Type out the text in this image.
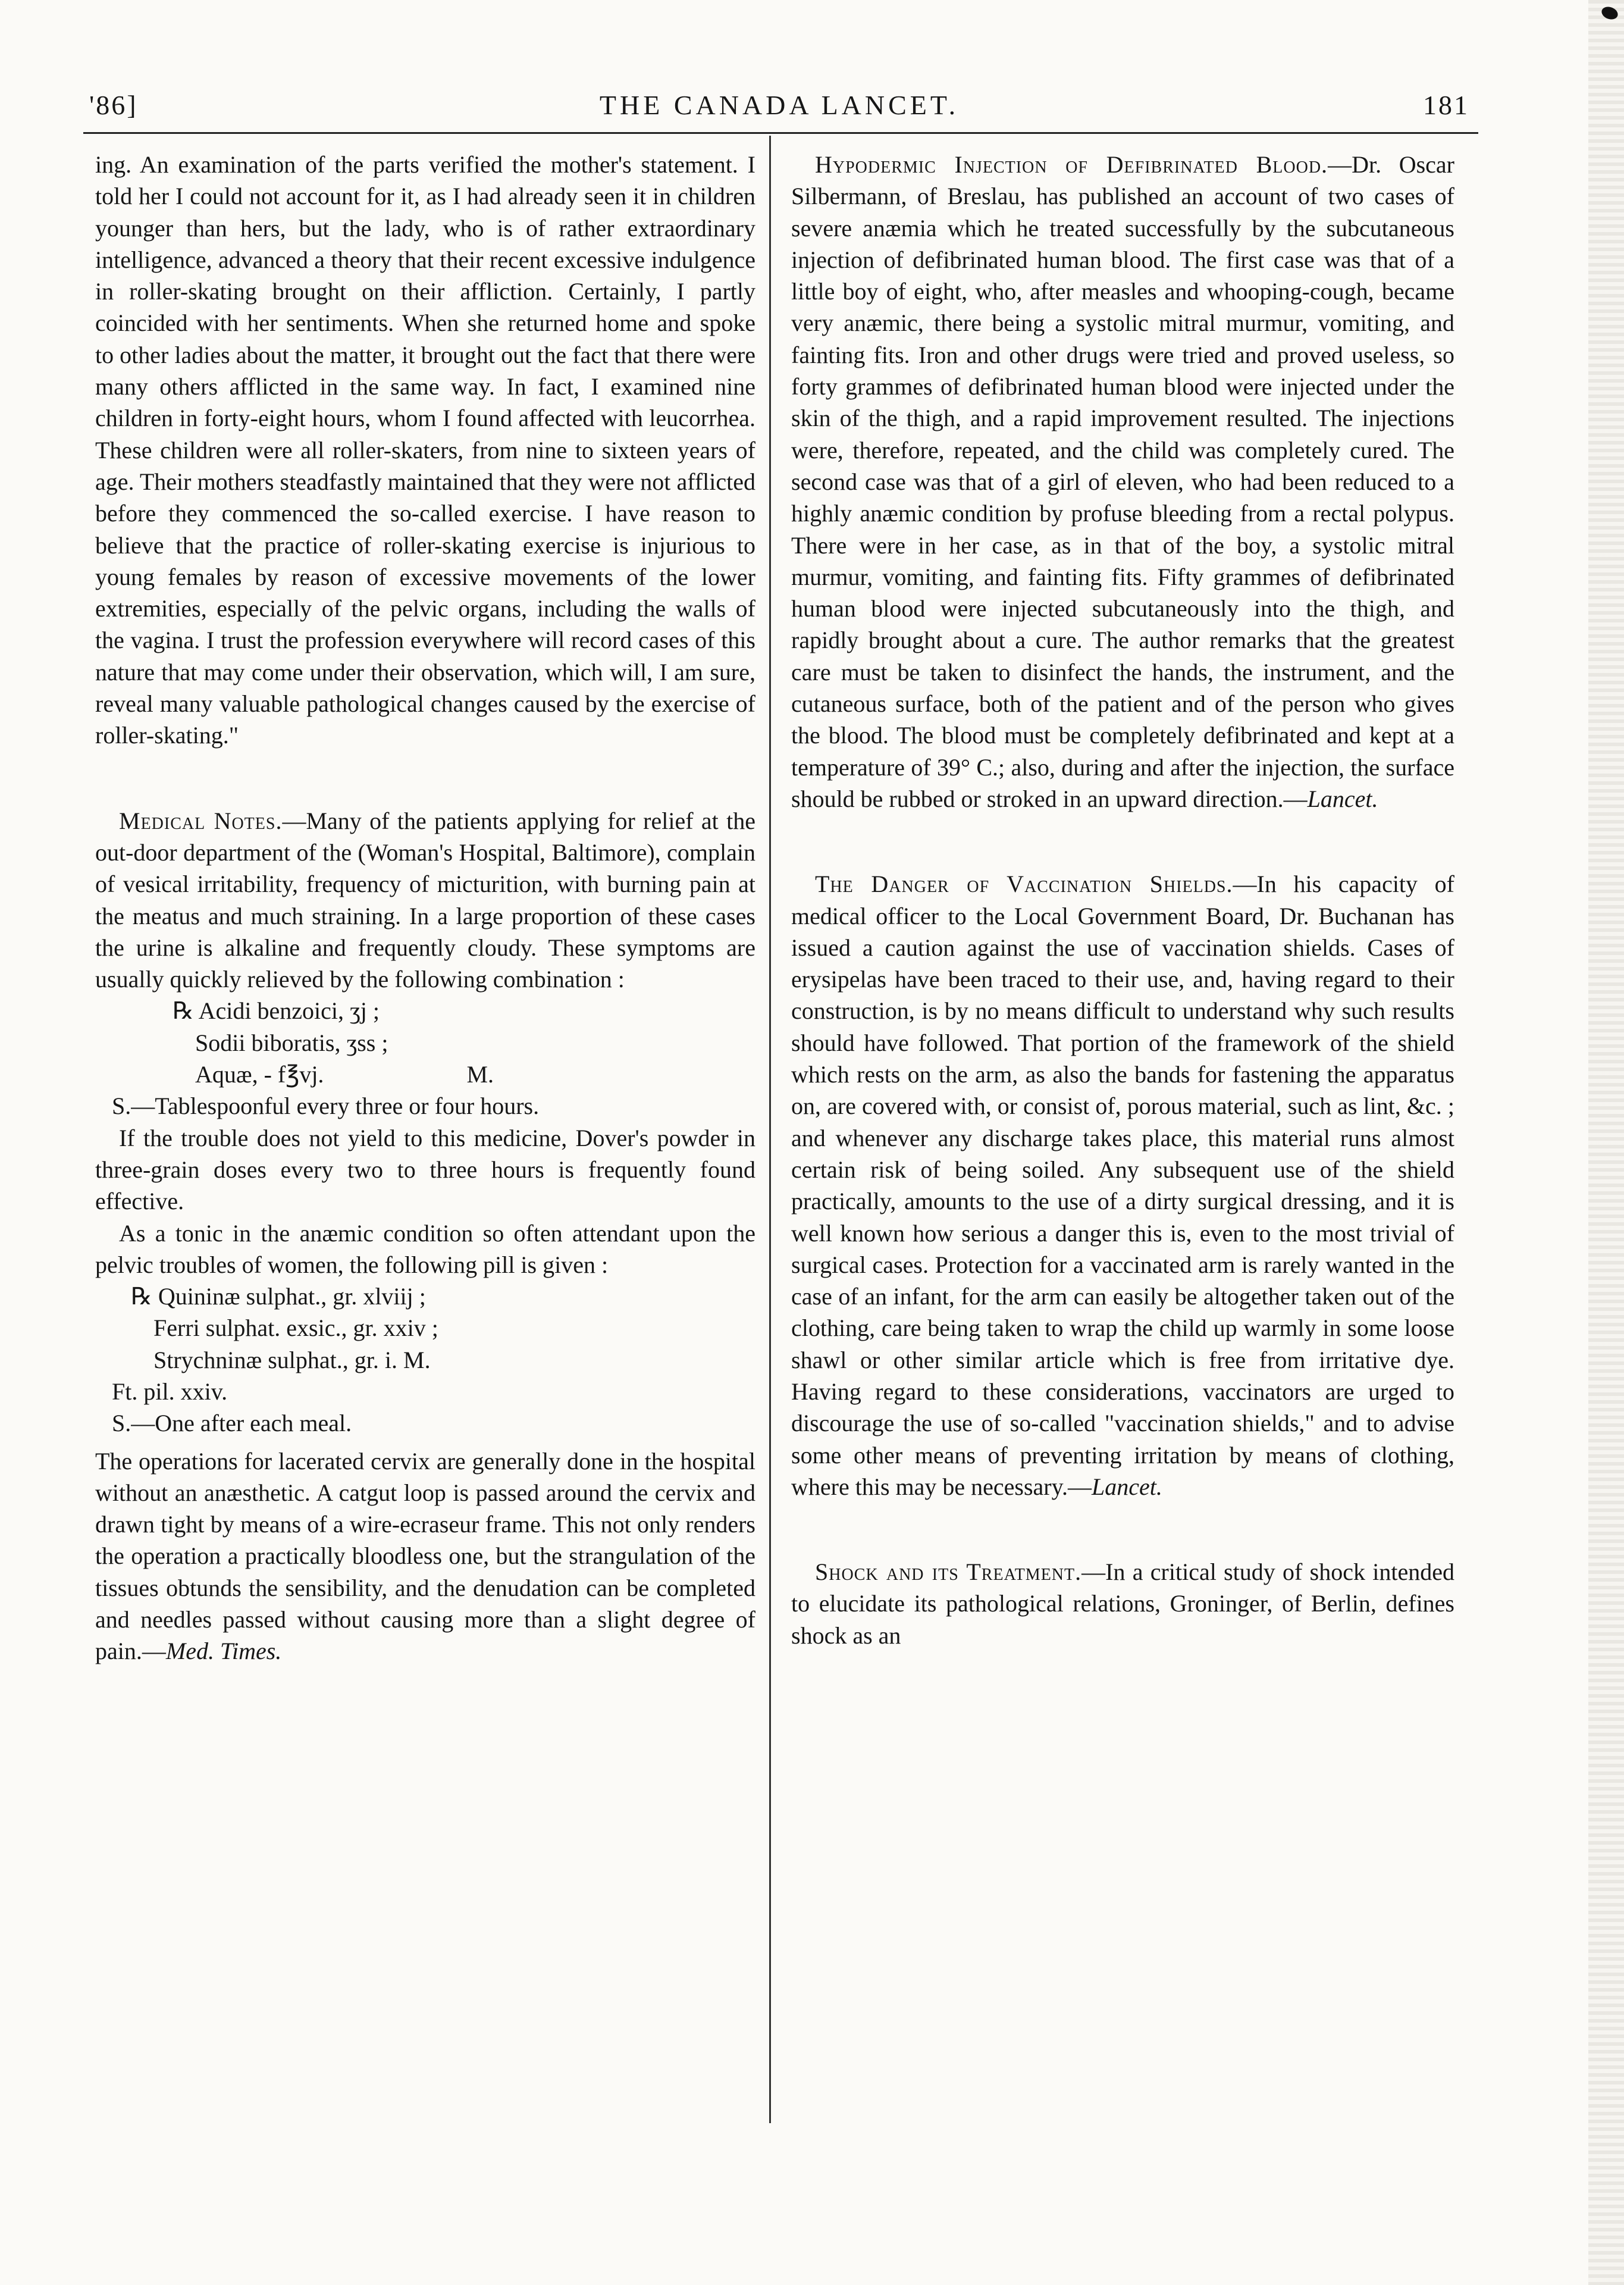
'86]	THE CANADA LANCET.	181

ing. An examination of the parts verified the mother's statement. I told her I could not account for it, as I had already seen it in children younger than hers, but the lady, who is of rather extraordinary intelligence, advanced a theory that their recent excessive indulgence in roller-skating brought on their affliction. Certainly, I partly coincided with her sentiments. When she returned home and spoke to other ladies about the matter, it brought out the fact that there were many others afflicted in the same way. In fact, I examined nine children in forty-eight hours, whom I found affected with leucorrhea. These children were all roller-skaters, from nine to sixteen years of age. Their mothers steadfastly maintained that they were not afflicted before they commenced the so-called exercise. I have reason to believe that the practice of roller-skating exercise is injurious to young females by reason of excessive movements of the lower extremities, especially of the pelvic organs, including the walls of the vagina. I trust the profession everywhere will record cases of this nature that may come under their observation, which will, I am sure, reveal many valuable pathological changes caused by the exercise of roller-skating."

Medical Notes.—Many of the patients applying for relief at the out-door department of the (Woman's Hospital, Baltimore), complain of vesical irritability, frequency of micturition, with burning pain at the meatus and much straining. In a large proportion of these cases the urine is alkaline and frequently cloudy. These symptoms are usually quickly relieved by the following combination :

℞ Acidi benzoici, ʒj ;
Sodii biboratis, ʒss ;
Aquæ, - f℥vj.	M.
S.—Tablespoonful every three or four hours.

If the trouble does not yield to this medicine, Dover's powder in three-grain doses every two to three hours is frequently found effective.

As a tonic in the anæmic condition so often attendant upon the pelvic troubles of women, the following pill is given :

℞ Quininæ sulphat., gr. xlviij ;
Ferri sulphat. exsic., gr. xxiv ;
Strychninæ sulphat., gr. i. M.
Ft. pil. xxiv.
S.—One after each meal.

The operations for lacerated cervix are generally done in the hospital without an anæsthetic. A catgut loop is passed around the cervix and drawn tight by means of a wire-ecraseur frame. This not only renders the operation a practically bloodless one, but the strangulation of the tissues obtunds the sensibility, and the denudation can be completed and needles passed without causing more than a slight degree of pain.—Med. Times.

Hypodermic Injection of Defibrinated Blood.—Dr. Oscar Silbermann, of Breslau, has published an account of two cases of severe anæmia which he treated successfully by the subcutaneous injection of defibrinated human blood. The first case was that of a little boy of eight, who, after measles and whooping-cough, became very anæmic, there being a systolic mitral murmur, vomiting, and fainting fits. Iron and other drugs were tried and proved useless, so forty grammes of defibrinated human blood were injected under the skin of the thigh, and a rapid improvement resulted. The injections were, therefore, repeated, and the child was completely cured. The second case was that of a girl of eleven, who had been reduced to a highly anæmic condition by profuse bleeding from a rectal polypus. There were in her case, as in that of the boy, a systolic mitral murmur, vomiting, and fainting fits. Fifty grammes of defibrinated human blood were injected subcutaneously into the thigh, and rapidly brought about a cure. The author remarks that the greatest care must be taken to disinfect the hands, the instrument, and the cutaneous surface, both of the patient and of the person who gives the blood. The blood must be completely defibrinated and kept at a temperature of 39° C.; also, during and after the injection, the surface should be rubbed or stroked in an upward direction.—Lancet.

The Danger of Vaccination Shields.—In his capacity of medical officer to the Local Government Board, Dr. Buchanan has issued a caution against the use of vaccination shields. Cases of erysipelas have been traced to their use, and, having regard to their construction, is by no means difficult to understand why such results should have followed. That portion of the framework of the shield which rests on the arm, as also the bands for fastening the apparatus on, are covered with, or consist of, porous material, such as lint, &c. ; and whenever any discharge takes place, this material runs almost certain risk of being soiled. Any subsequent use of the shield practically, amounts to the use of a dirty surgical dressing, and it is well known how serious a danger this is, even to the most trivial of surgical cases. Protection for a vaccinated arm is rarely wanted in the case of an infant, for the arm can easily be altogether taken out of the clothing, care being taken to wrap the child up warmly in some loose shawl or other similar article which is free from irritative dye. Having regard to these considerations, vaccinators are urged to discourage the use of so-called "vaccination shields," and to advise some other means of preventing irritation by means of clothing, where this may be necessary.—Lancet.

Shock and its Treatment.—In a critical study of shock intended to elucidate its pathological relations, Groninger, of Berlin, defines shock as an
